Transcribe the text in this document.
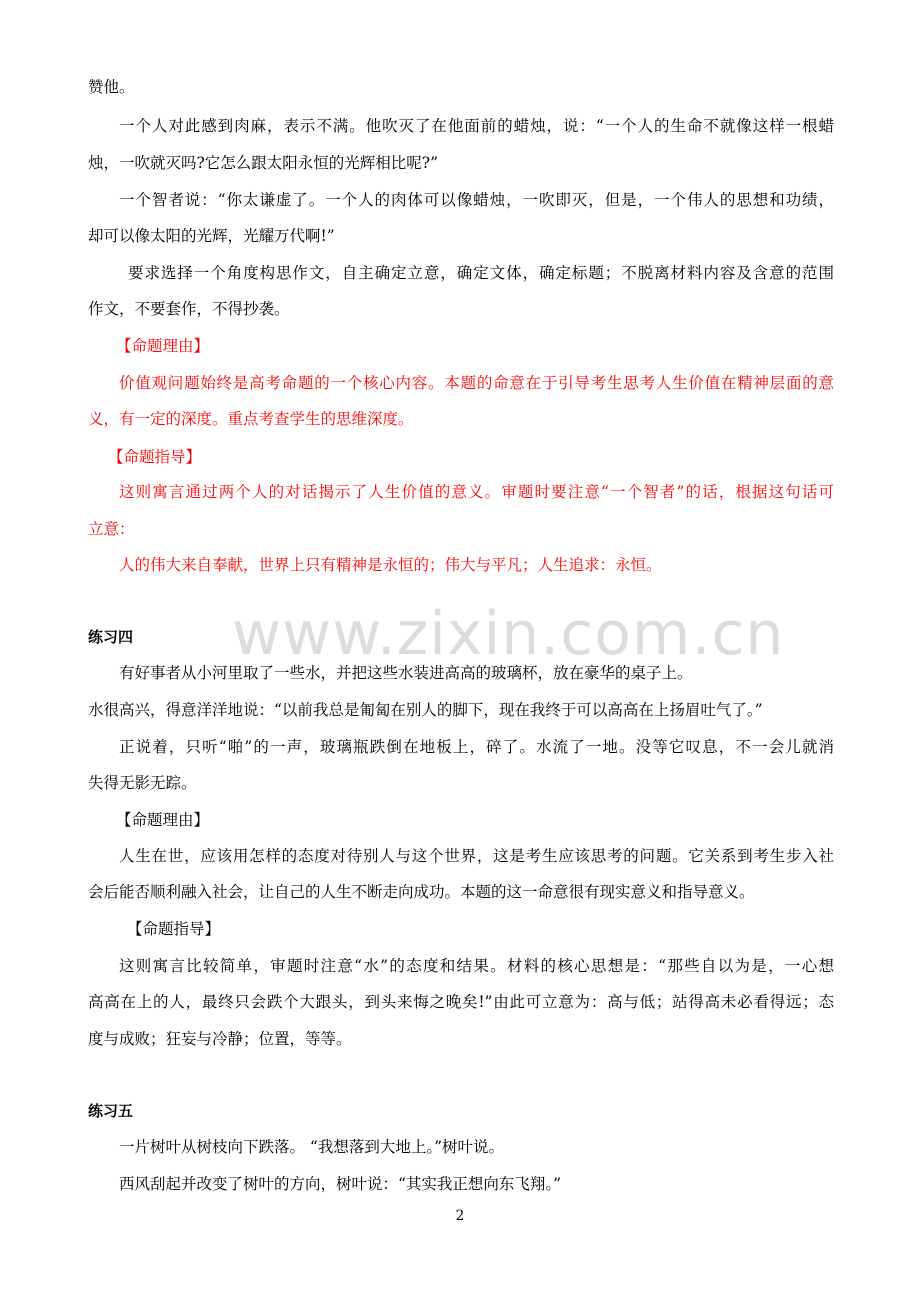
www.zixin.com.cn
赞他。
一个人对此感到肉麻，表示不满。他吹灭了在他面前的蜡烛，说：“一个人的生命不就像这样一根蜡
烛，一吹就灭吗?它怎么跟太阳永恒的光辉相比呢?”
一个智者说：“你太谦虚了。一个人的肉体可以像蜡烛，一吹即灭，但是，一个伟人的思想和功绩，
却可以像太阳的光辉，光耀万代啊!”
要求选择一个角度构思作文，自主确定立意，确定文体，确定标题；不脱离材料内容及含意的范围
作文，不要套作，不得抄袭。
【命题理由】
价值观问题始终是高考命题的一个核心内容。本题的命意在于引导考生思考人生价值在精神层面的意
义，有一定的深度。重点考查学生的思维深度。
【命题指导】
这则寓言通过两个人的对话揭示了人生价值的意义。审题时要注意“一个智者”的话，根据这句话可
立意：
人的伟大来自奉献，世界上只有精神是永恒的；伟大与平凡；人生追求：永恒。
练习四
有好事者从小河里取了一些水，并把这些水装进高高的玻璃杯，放在豪华的桌子上。
水很高兴，得意洋洋地说：“以前我总是匍匐在别人的脚下，现在我终于可以高高在上扬眉吐气了。”
正说着，只听“啪”的一声，玻璃瓶跌倒在地板上，碎了。水流了一地。没等它叹息，不一会儿就消
失得无影无踪。
【命题理由】
人生在世，应该用怎样的态度对待别人与这个世界，这是考生应该思考的问题。它关系到考生步入社
会后能否顺利融入社会，让自己的人生不断走向成功。本题的这一命意很有现实意义和指导意义。
【命题指导】
这则寓言比较简单，审题时注意“水”的态度和结果。材料的核心思想是：“那些自以为是，一心想
高高在上的人，最终只会跌个大跟头，到头来悔之晚矣!”由此可立意为：高与低；站得高未必看得远；态
度与成败；狂妄与冷静；位置，等等。
练习五
一片树叶从树枝向下跌落。 “我想落到大地上。”树叶说。
西风刮起并改变了树叶的方向，树叶说：“其实我正想向东飞翔。”
2
